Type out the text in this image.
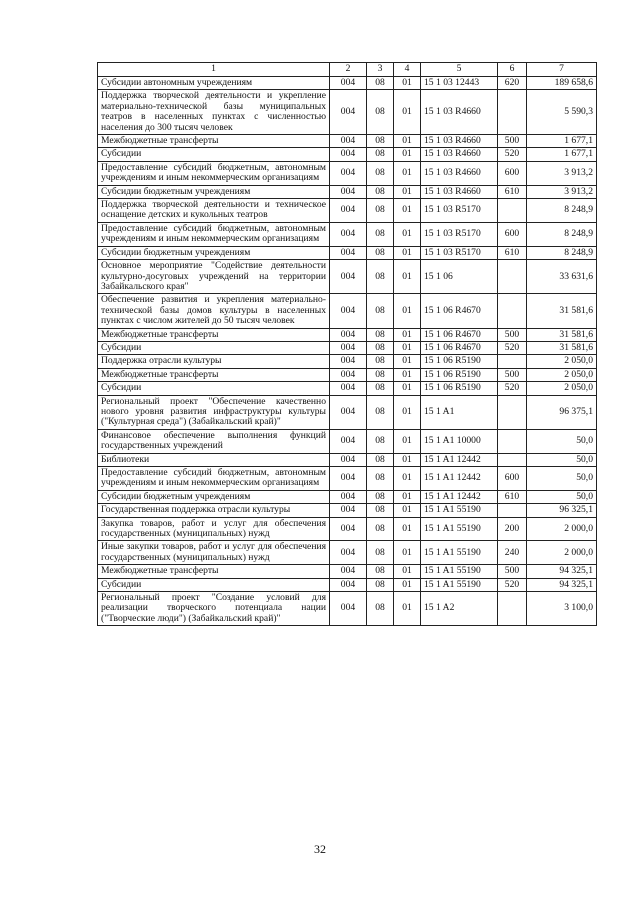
1	2	3	4	5	6	7
Субсидии автономным учреждениям	004	08	01	15 1 03 12443	620	189 658,6
Поддержка творческой деятельности и укрепление материально-технической базы муниципальных театров в населенных пунктах с численностью населения до 300 тысяч человек	004	08	01	15 1 03 R4660		5 590,3
Межбюджетные трансферты	004	08	01	15 1 03 R4660	500	1 677,1
Субсидии	004	08	01	15 1 03 R4660	520	1 677,1
Предоставление субсидий бюджетным, автономным учреждениям и иным некоммерческим организациям	004	08	01	15 1 03 R4660	600	3 913,2
Субсидии бюджетным учреждениям	004	08	01	15 1 03 R4660	610	3 913,2
Поддержка творческой деятельности и техническое оснащение детских и кукольных театров	004	08	01	15 1 03 R5170		8 248,9
Предоставление субсидий бюджетным, автономным учреждениям и иным некоммерческим организациям	004	08	01	15 1 03 R5170	600	8 248,9
Субсидии бюджетным учреждениям	004	08	01	15 1 03 R5170	610	8 248,9
Основное мероприятие "Содействие деятельности культурно-досуговых учреждений на территории Забайкальского края"	004	08	01	15 1 06		33 631,6
Обеспечение развития и укрепления материально-технической базы домов культуры в населенных пунктах с числом жителей до 50 тысяч человек	004	08	01	15 1 06 R4670		31 581,6
Межбюджетные трансферты	004	08	01	15 1 06 R4670	500	31 581,6
Субсидии	004	08	01	15 1 06 R4670	520	31 581,6
Поддержка отрасли культуры	004	08	01	15 1 06 R5190		2 050,0
Межбюджетные трансферты	004	08	01	15 1 06 R5190	500	2 050,0
Субсидии	004	08	01	15 1 06 R5190	520	2 050,0
Региональный проект "Обеспечение качественно нового уровня развития инфраструктуры культуры ("Культурная среда") (Забайкальский край)"	004	08	01	15 1 A1		96 375,1
Финансовое обеспечение выполнения функций государственных учреждений	004	08	01	15 1 A1 10000		50,0
Библиотеки	004	08	01	15 1 A1 12442		50,0
Предоставление субсидий бюджетным, автономным учреждениям и иным некоммерческим организациям	004	08	01	15 1 A1 12442	600	50,0
Субсидии бюджетным учреждениям	004	08	01	15 1 A1 12442	610	50,0
Государственная поддержка отрасли культуры	004	08	01	15 1 A1 55190		96 325,1
Закупка товаров, работ и услуг для обеспечения государственных (муниципальных) нужд	004	08	01	15 1 A1 55190	200	2 000,0
Иные закупки товаров, работ и услуг для обеспечения государственных (муниципальных) нужд	004	08	01	15 1 A1 55190	240	2 000,0
Межбюджетные трансферты	004	08	01	15 1 A1 55190	500	94 325,1
Субсидии	004	08	01	15 1 A1 55190	520	94 325,1
Региональный проект "Создание условий для реализации творческого потенциала нации ("Творческие люди") (Забайкальский край)"	004	08	01	15 1 A2		3 100,0
32
